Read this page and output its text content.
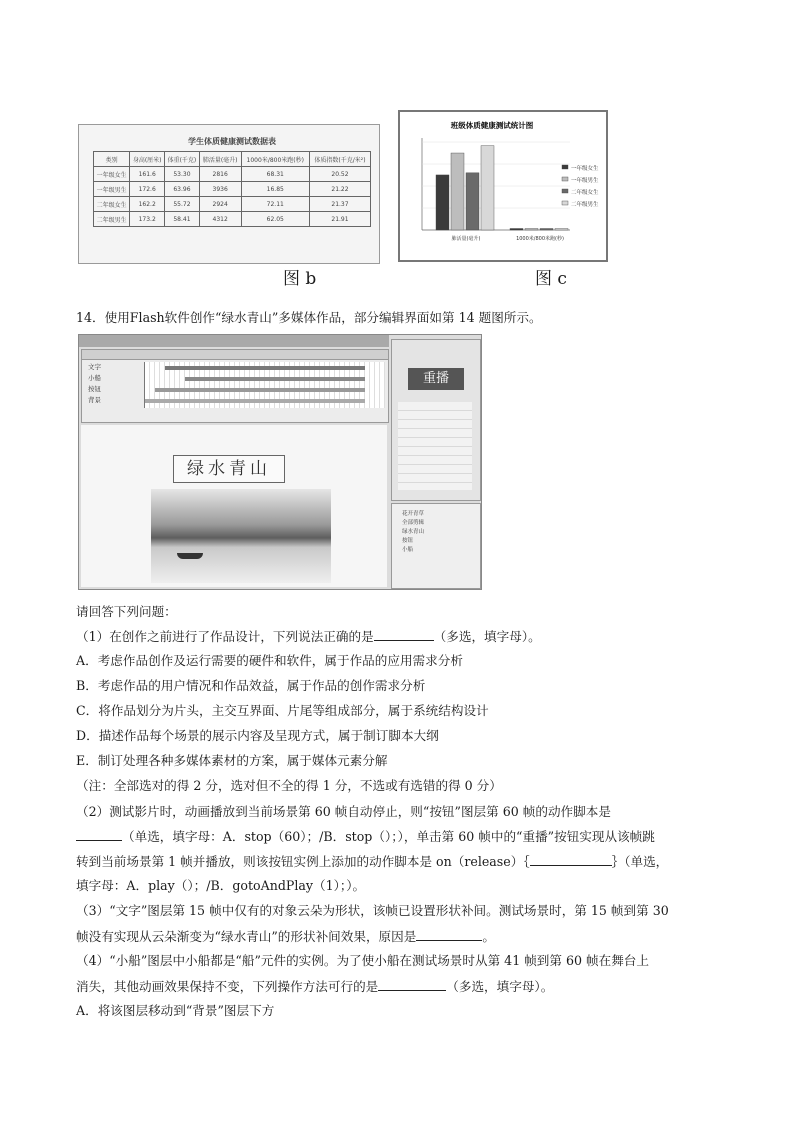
学生体质健康测试数据表					
类别	身高(厘米)	体重(千克)	肺活量(毫升)	1000米/800米跑(秒)	体质指数(千克/米²)
一年级女生	161.6	53.30	2816	68.31	20.52
一年级男生	172.6	63.96	3936	16.85	21.22
二年级女生	162.2	55.72	2924	72.11	21.37
二年级男生	173.2	58.41	4312	62.05	21.91
图 b
班级体质健康测试统计图
肺活量(毫升)	1000米/800米跑(秒)
一年级女生
一年级男生
二年级女生
二年级男生
图 c
14．使用Flash软件创作“绿水青山”多媒体作品，部分编辑界面如第 14 题图所示。
文字
小船
按钮
背景
绿水青山
重播
花开青草
全部剪辑
绿水青山
按钮
小船
请回答下列问题：
（1）在创作之前进行了作品设计，下列说法正确的是	（多选，填字母）。
A．考虑作品创作及运行需要的硬件和软件，属于作品的应用需求分析
B．考虑作品的用户情况和作品效益，属于作品的创作需求分析
C．将作品划分为片头，主交互界面、片尾等组成部分，属于系统结构设计
D．描述作品每个场景的展示内容及呈现方式，属于制订脚本大纲
E．制订处理各种多媒体素材的方案，属于媒体元素分解
（注：全部选对的得 2 分，选对但不全的得 1 分，不选或有选错的得 0 分）
（2）测试影片时，动画播放到当前场景第 60 帧自动停止，则“按钮”图层第 60 帧的动作脚本是
（单选，填字母：A．stop（60）；/B．stop（）；），单击第 60 帧中的“重播”按钮实现从该帧跳
转到当前场景第 1 帧并播放，则该按钮实例上添加的动作脚本是 on（release）｛	｝（单选，
填字母：A．play（）；/B．gotoAndPlay（1）；）。
（3）“文字”图层第 15 帧中仅有的对象云朵为形状，该帧已设置形状补间。测试场景时，第 15 帧到第 30
帧没有实现从云朵渐变为“绿水青山”的形状补间效果，原因是	。
（4）“小船”图层中小船都是“船”元件的实例。为了使小船在测试场景时从第 41 帧到第 60 帧在舞台上
消失，其他动画效果保持不变，下列操作方法可行的是	（多选，填字母）。
A．将该图层移动到“背景”图层下方
